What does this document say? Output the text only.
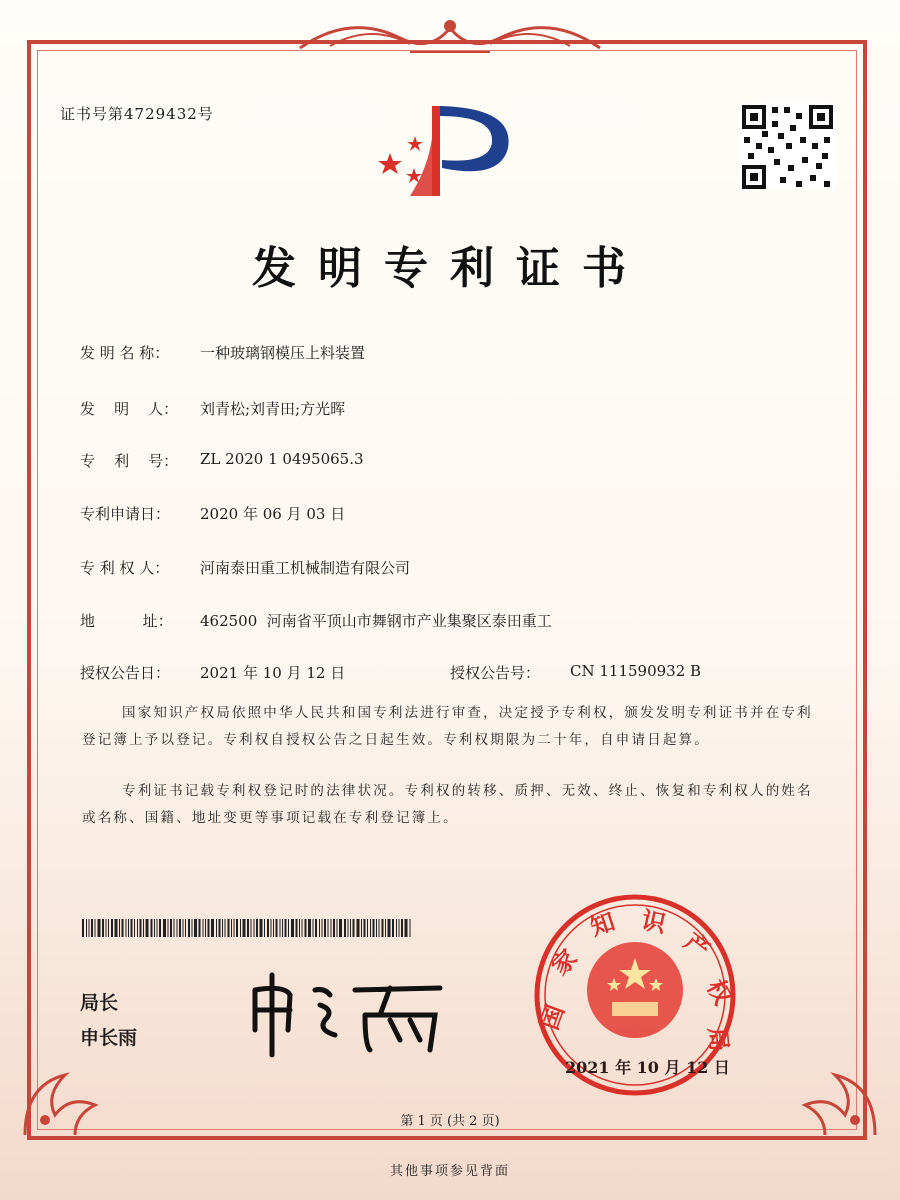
证书号第4729432号
发明专利证书
发 明 名 称：	一种玻璃钢模压上料装置
发    明    人：	刘青松;刘青田;方光晖
专    利    号：	ZL 2020 1 0495065.3
专利申请日：	2020 年 06 月 03 日
专 利 权 人：	河南泰田重工机械制造有限公司
地          址：	462500  河南省平顶山市舞钢市产业集聚区泰田重工
授权公告日：	2021 年 10 月 12 日	授权公告号：	CN 111590932 B
国家知识产权局依照中华人民共和国专利法进行审查，决定授予专利权，颁发发明专利证书并在专利登记簿上予以登记。专利权自授权公告之日起生效。专利权期限为二十年，自申请日起算。
专利证书记载专利权登记时的法律状况。专利权的转移、质押、无效、终止、恢复和专利权人的姓名或名称、国籍、地址变更等事项记载在专利登记簿上。
局长
申长雨
国
家
知 识
产
权
局
2021 年 10 月 12 日
第 1 页 (共 2 页)
其他事项参见背面
